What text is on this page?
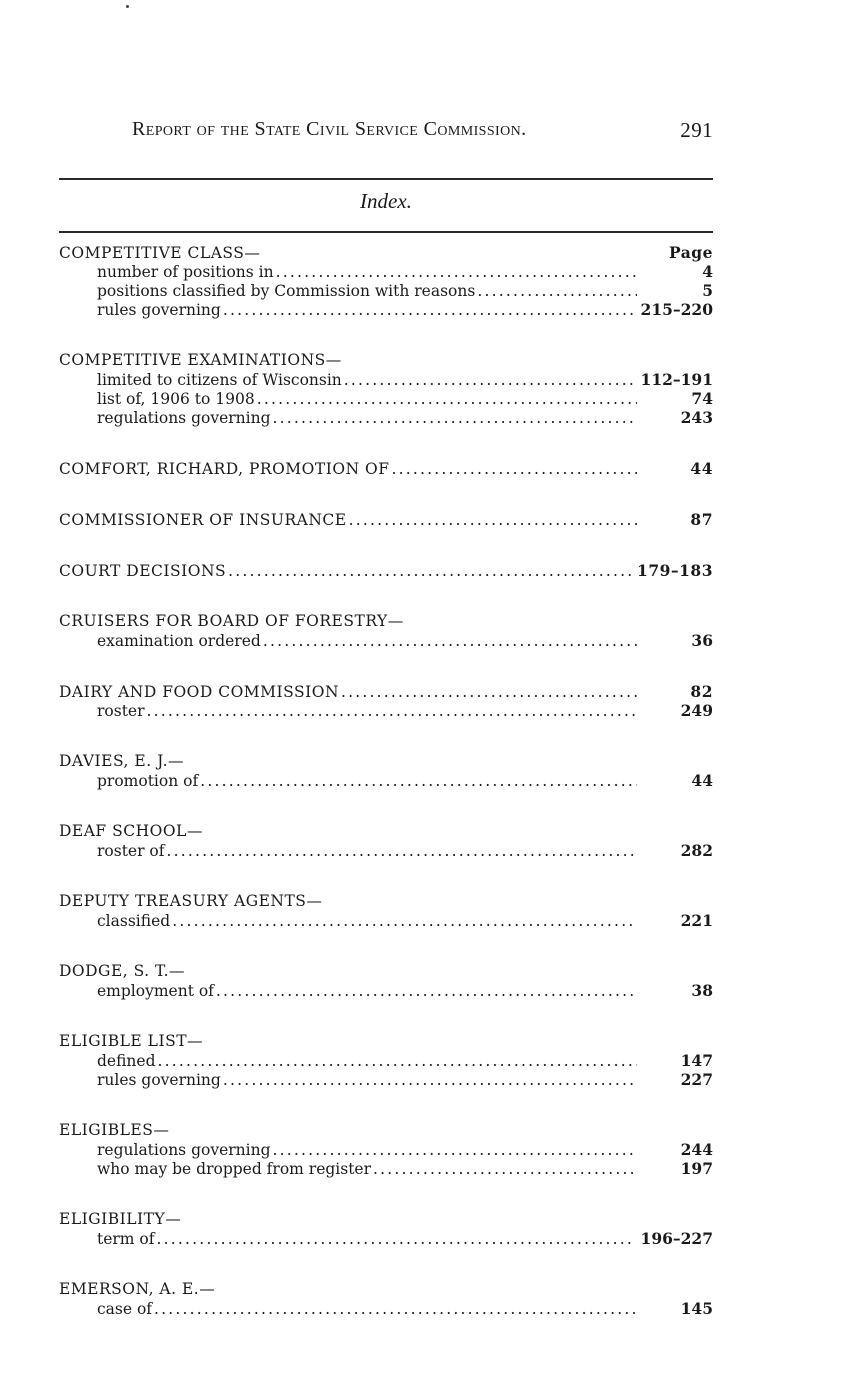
Report of the State Civil Service Commission.	291
Index.
COMPETITIVE CLASS—	Page
number of positions in .....	4
positions classified by Commission with reasons .....	5
rules governing .....	215–220
COMPETITIVE EXAMINATIONS—
limited to citizens of Wisconsin .....	112–191
list of, 1906 to 1908 .....	74
regulations governing .....	243
COMFORT, RICHARD, PROMOTION OF .....	44
COMMISSIONER OF INSURANCE .....	87
COURT DECISIONS .....	179–183
CRUISERS FOR BOARD OF FORESTRY—
examination ordered .....	36
DAIRY AND FOOD COMMISSION .....	82
roster .....	249
DAVIES, E. J.—
promotion of .....	44
DEAF SCHOOL—
roster of .....	282
DEPUTY TREASURY AGENTS—
classified .....	221
DODGE, S. T.—
employment of .....	38
ELIGIBLE LIST—
defined .....	147
rules governing .....	227
ELIGIBLES—
regulations governing .....	244
who may be dropped from register .....	197
ELIGIBILITY—
term of .....	196–227
EMERSON, A. E.—
case of .....	145
